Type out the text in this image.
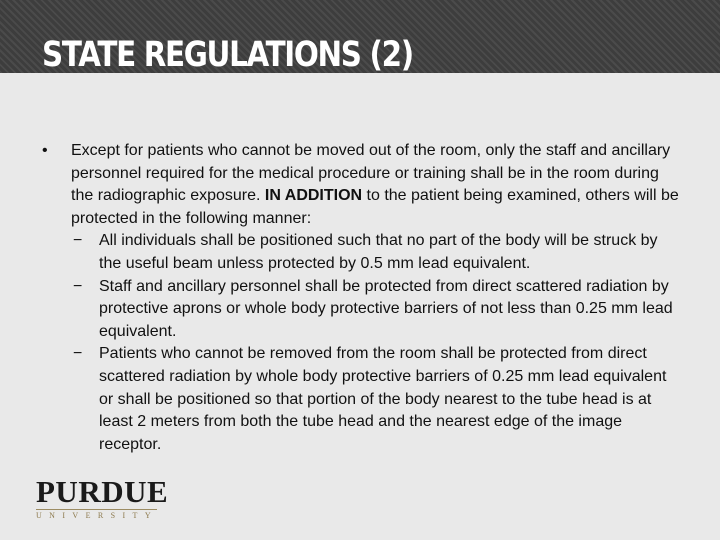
STATE REGULATIONS (2)
• Except for patients who cannot be moved out of the room, only the staff and ancillary personnel required for the medical procedure or training shall be in the room during the radiographic exposure. IN ADDITION to the patient being examined, others will be protected in the following manner:
− All individuals shall be positioned such that no part of the body will be struck by the useful beam unless protected by 0.5 mm lead equivalent.
− Staff and ancillary personnel shall be protected from direct scattered radiation by protective aprons or whole body protective barriers of not less than 0.25 mm lead equivalent.
− Patients who cannot be removed from the room shall be protected from direct scattered radiation by whole body protective barriers of 0.25 mm lead equivalent or shall be positioned so that portion of the body nearest to the tube head is at least 2 meters from both the tube head and the nearest edge of the image receptor.
PURDUE
UNIVERSITY
